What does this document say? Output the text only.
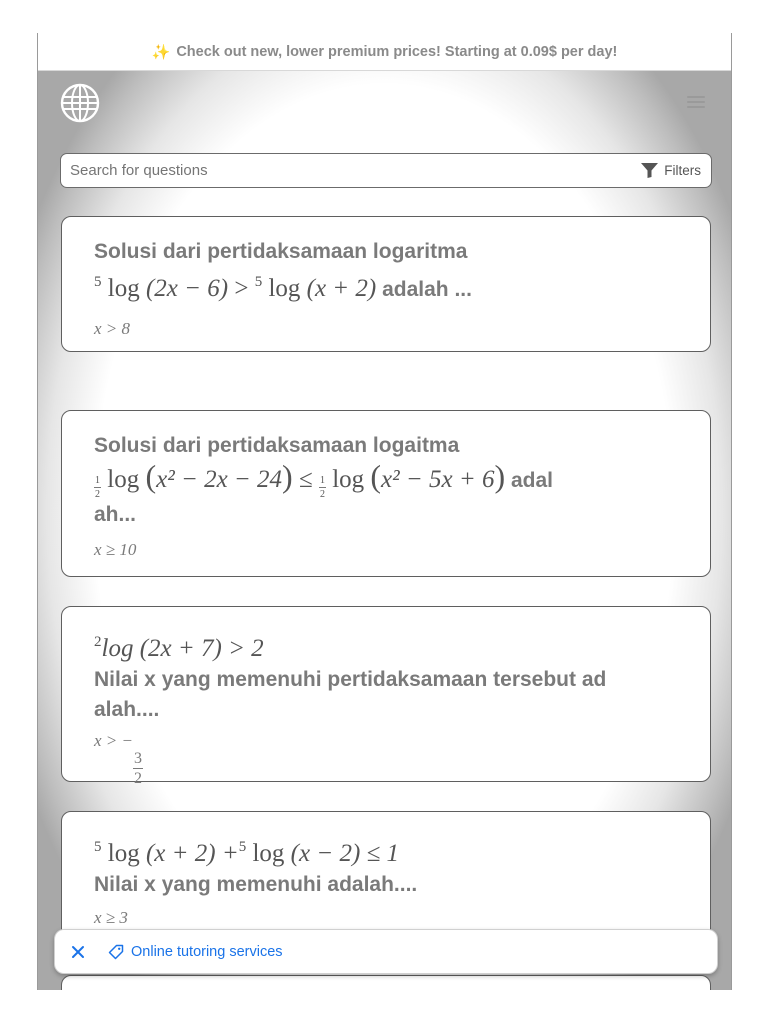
✨ Check out new, lower premium prices! Starting at 0.09$ per day!
Search for questions
Filters
Solusi dari pertidaksamaan logaritma
$^5$ log (2x − 6) > $^5$ log (x + 2) adalah ...
x > 8
Solusi dari pertidaksamaan logaitma
$\frac{1}{2}$ $\log (x^2 - 2x - 24) \le \frac{1}{2}$ log (x² − 5x + 6) adal
ah...
x ≥ 10
$^2$log (2x + 7) > 2
Nilai x yang memenuhi pertidaksamaan tersebut ad
alah....
x > −
$\frac{3}{2}$
$^5$ log (x + 2) +$^5$ log (x − 2) ≤ 1
Nilai x yang memenuhi adalah....
x ≥ 3
Online tutoring services
